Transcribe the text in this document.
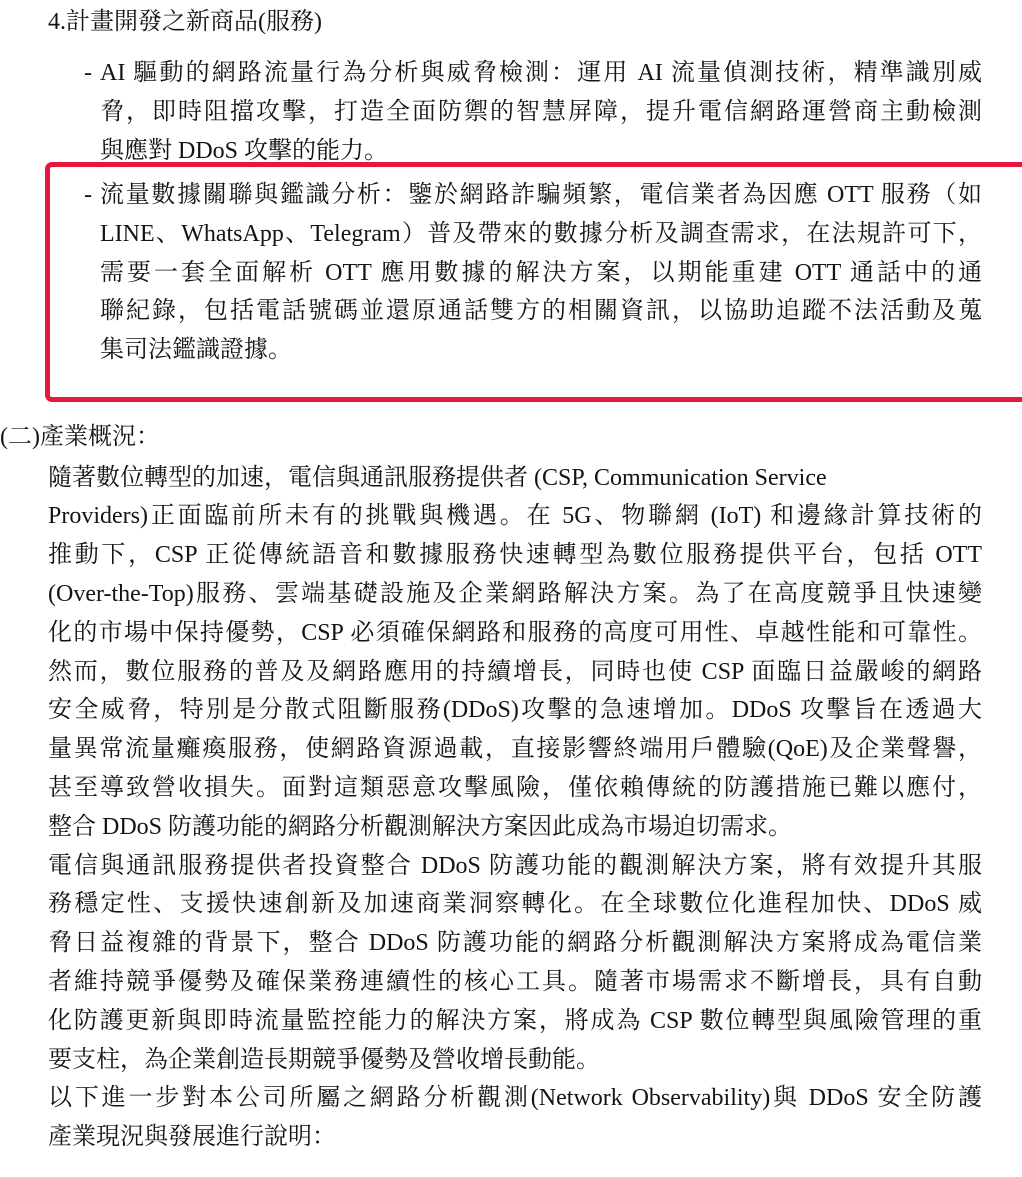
4.計畫開發之新商品(服務)
- AI 驅動的網路流量行為分析與威脅檢測：運用 AI 流量偵測技術，精準識別威
脅，即時阻擋攻擊，打造全面防禦的智慧屏障，提升電信網路運營商主動檢測
與應對 DDoS 攻擊的能力。
- 流量數據關聯與鑑識分析：鑒於網路詐騙頻繁，電信業者為因應 OTT 服務（如
LINE、WhatsApp、Telegram）普及帶來的數據分析及調查需求，在法規許可下，
需要一套全面解析 OTT 應用數據的解決方案，以期能重建 OTT 通話中的通
聯紀錄，包括電話號碼並還原通話雙方的相關資訊，以協助追蹤不法活動及蒐
集司法鑑識證據。
(二)產業概況：
隨著數位轉型的加速，電信與通訊服務提供者 (CSP, Communication Service
Providers)正面臨前所未有的挑戰與機遇。在 5G、物聯網 (IoT) 和邊緣計算技術的
推動下，CSP 正從傳統語音和數據服務快速轉型為數位服務提供平台，包括 OTT
(Over-the-Top)服務、雲端基礎設施及企業網路解決方案。為了在高度競爭且快速變
化的市場中保持優勢，CSP 必須確保網路和服務的高度可用性、卓越性能和可靠性。
然而，數位服務的普及及網路應用的持續增長，同時也使 CSP 面臨日益嚴峻的網路
安全威脅，特別是分散式阻斷服務(DDoS)攻擊的急速增加。DDoS 攻擊旨在透過大
量異常流量癱瘓服務，使網路資源過載，直接影響終端用戶體驗(QoE)及企業聲譽，
甚至導致營收損失。面對這類惡意攻擊風險，僅依賴傳統的防護措施已難以應付，
整合 DDoS 防護功能的網路分析觀測解決方案因此成為市場迫切需求。
電信與通訊服務提供者投資整合 DDoS 防護功能的觀測解決方案，將有效提升其服
務穩定性、支援快速創新及加速商業洞察轉化。在全球數位化進程加快、DDoS 威
脅日益複雜的背景下，整合 DDoS 防護功能的網路分析觀測解決方案將成為電信業
者維持競爭優勢及確保業務連續性的核心工具。隨著市場需求不斷增長，具有自動
化防護更新與即時流量監控能力的解決方案，將成為 CSP 數位轉型與風險管理的重
要支柱，為企業創造長期競爭優勢及營收增長動能。
以下進一步對本公司所屬之網路分析觀測(Network Observability)與 DDoS 安全防護
產業現況與發展進行說明：
